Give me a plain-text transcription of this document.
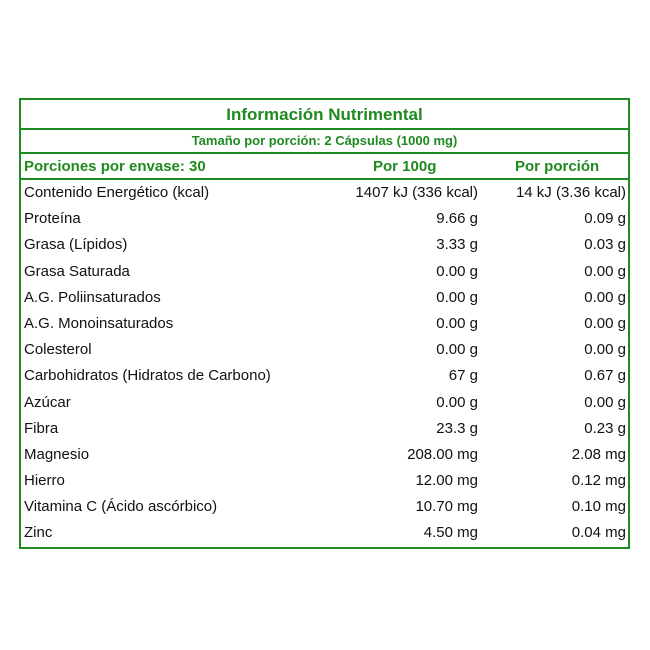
Información Nutrimental
Tamaño por porción: 2 Cápsulas (1000 mg)
Porciones por envase: 30	Por 100g	Por porción
Contenido Energético (kcal)	1407 kJ (336 kcal)	14 kJ (3.36 kcal)
Proteína	9.66 g	0.09 g
Grasa (Lípidos)	3.33 g	0.03 g
Grasa Saturada	0.00 g	0.00 g
A.G. Poliinsaturados	0.00 g	0.00 g
A.G. Monoinsaturados	0.00 g	0.00 g
Colesterol	0.00 g	0.00 g
Carbohidratos (Hidratos de Carbono)	67 g	0.67 g
Azúcar	0.00 g	0.00 g
Fibra	23.3 g	0.23 g
Magnesio	208.00 mg	2.08 mg
Hierro	12.00 mg	0.12 mg
Vitamina C (Ácido ascórbico)	10.70 mg	0.10 mg
Zinc	4.50 mg	0.04 mg
